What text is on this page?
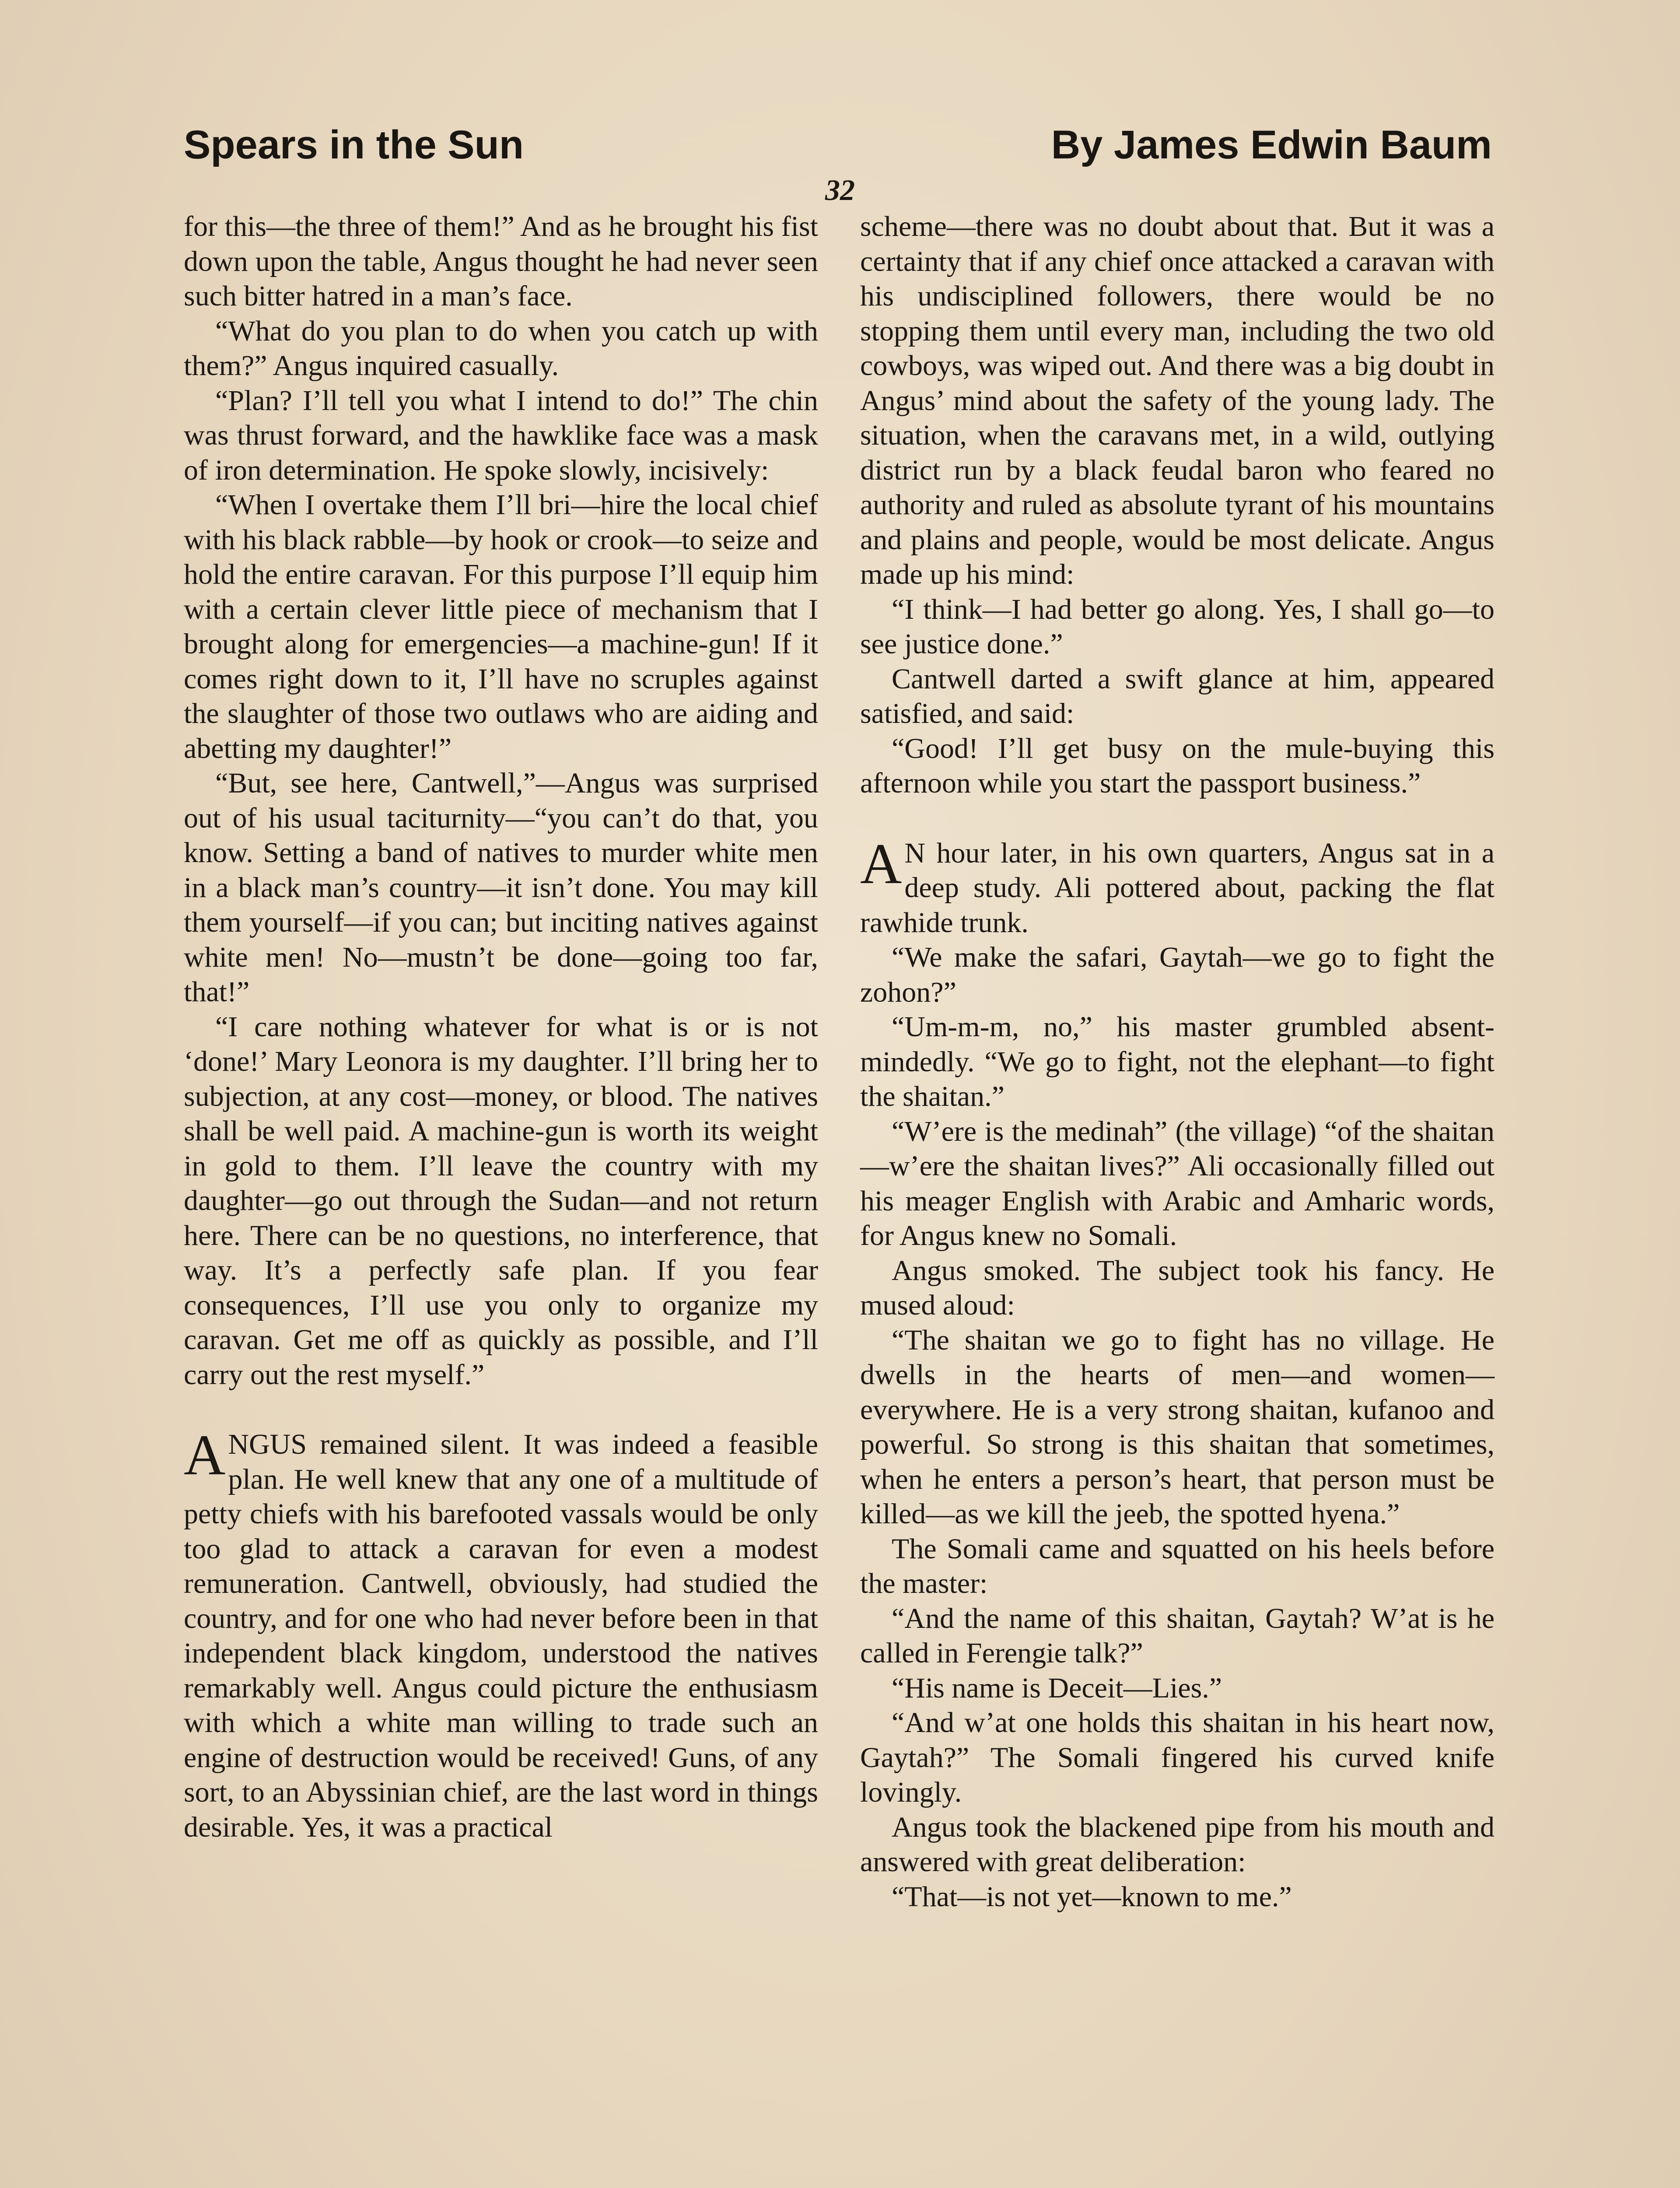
Spears in the Sun	By James Edwin Baum
32

for this—the three of them!” And as he brought his fist down upon the table, Angus thought he had never seen such bitter hatred in a man’s face.

“What do you plan to do when you catch up with them?” Angus inquired casually.

“Plan? I’ll tell you what I intend to do!” The chin was thrust forward, and the hawklike face was a mask of iron determination. He spoke slowly, incisively:

“When I overtake them I’ll bri—hire the local chief with his black rabble—by hook or crook—to seize and hold the entire caravan. For this purpose I’ll equip him with a certain clever little piece of mechanism that I brought along for emergencies—a machine-gun! If it comes right down to it, I’ll have no scruples against the slaughter of those two outlaws who are aiding and abetting my daughter!”

“But, see here, Cantwell,”—Angus was surprised out of his usual taciturnity—“you can’t do that, you know. Setting a band of natives to murder white men in a black man’s country—it isn’t done. You may kill them yourself—if you can; but inciting natives against white men! No—mustn’t be done—going too far, that!”

“I care nothing whatever for what is or is not ‘done!’ Mary Leonora is my daughter. I’ll bring her to subjection, at any cost—money, or blood. The natives shall be well paid. A machine-gun is worth its weight in gold to them. I’ll leave the country with my daughter—go out through the Sudan—and not return here. There can be no questions, no interference, that way. It’s a perfectly safe plan. If you fear consequences, I’ll use you only to organize my caravan. Get me off as quickly as possible, and I’ll carry out the rest myself.”

ANGUS remained silent. It was indeed a feasible plan. He well knew that any one of a multitude of petty chiefs with his barefooted vassals would be only too glad to attack a caravan for even a modest remuneration. Cantwell, obviously, had studied the country, and for one who had never before been in that independent black kingdom, understood the natives remarkably well. Angus could picture the enthusiasm with which a white man willing to trade such an engine of destruction would be received! Guns, of any sort, to an Abyssinian chief, are the last word in things desirable. Yes, it was a practical

scheme—there was no doubt about that. But it was a certainty that if any chief once attacked a caravan with his undisciplined followers, there would be no stopping them until every man, including the two old cowboys, was wiped out. And there was a big doubt in Angus’ mind about the safety of the young lady. The situation, when the caravans met, in a wild, outlying district run by a black feudal baron who feared no authority and ruled as absolute tyrant of his mountains and plains and people, would be most delicate. Angus made up his mind:

“I think—I had better go along. Yes, I shall go—to see justice done.”

Cantwell darted a swift glance at him, appeared satisfied, and said:

“Good! I’ll get busy on the mule-buying this afternoon while you start the passport business.”

A N hour later, in his own quarters, Angus sat in a deep study. Ali pottered about, packing the flat rawhide trunk.

“We make the safari, Gaytah—we go to fight the zohon?”

“Um-m-m, no,” his master grumbled absent-mindedly. “We go to fight, not the elephant—to fight the shaitan.”

“W’ere is the medinah” (the village) “of the shaitan—w’ere the shaitan lives?” Ali occasionally filled out his meager English with Arabic and Amharic words, for Angus knew no Somali.

Angus smoked. The subject took his fancy. He mused aloud:

“The shaitan we go to fight has no village. He dwells in the hearts of men—and women—everywhere. He is a very strong shaitan, kufanoo and powerful. So strong is this shaitan that sometimes, when he enters a person’s heart, that person must be killed—as we kill the jeeb, the spotted hyena.”

The Somali came and squatted on his heels before the master:

“And the name of this shaitan, Gaytah? W’at is he called in Ferengie talk?”

“His name is Deceit—Lies.”

“And w’at one holds this shaitan in his heart now, Gaytah?” The Somali fingered his curved knife lovingly.

Angus took the blackened pipe from his mouth and answered with great deliberation:

“That—is not yet—known to me.”
